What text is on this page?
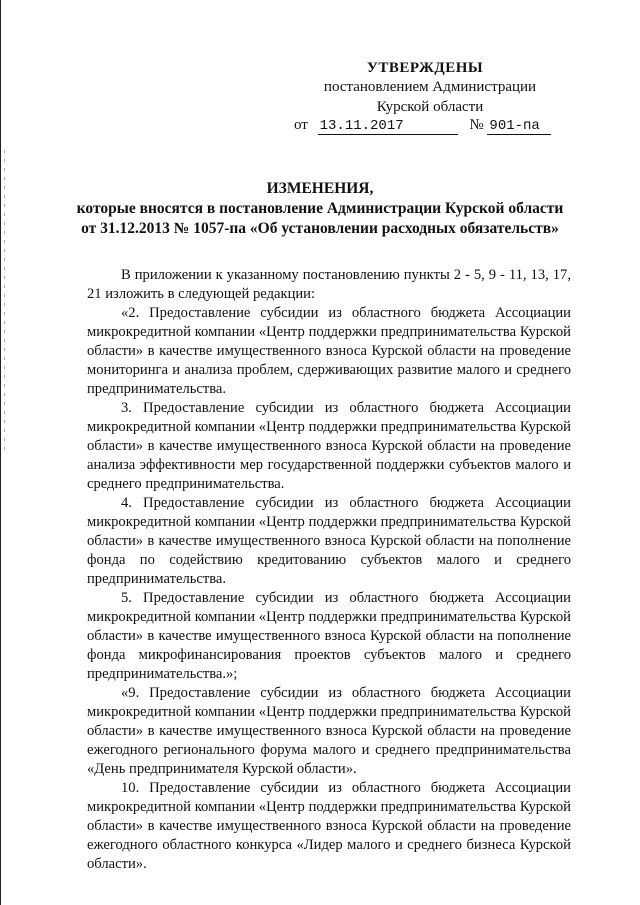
УТВЕРЖДЕНЫ
постановлением Администрации
Курской области
от 13.11.2017	№ 901-па
ИЗМЕНЕНИЯ,
которые вносятся в постановление Администрации Курской области
от 31.12.2013 № 1057-па «Об установлении расходных обязательств»

В приложении к указанному постановлению пункты 2 - 5, 9 - 11, 13, 17, 21 изложить в следующей редакции:

«2. Предоставление субсидии из областного бюджета Ассоциации микрокредитной компании «Центр поддержки предпринимательства Курской области» в качестве имущественного взноса Курской области на проведение мониторинга и анализа проблем, сдерживающих развитие малого и среднего предпринимательства.

3. Предоставление субсидии из областного бюджета Ассоциации микрокредитной компании «Центр поддержки предпринимательства Курской области» в качестве имущественного взноса Курской области на проведение анализа эффективности мер государственной поддержки субъектов малого и среднего предпринимательства.

4. Предоставление субсидии из областного бюджета Ассоциации микрокредитной компании «Центр поддержки предпринимательства Курской области» в качестве имущественного взноса Курской области на пополнение фонда по содействию кредитованию субъектов малого и среднего предпринимательства.

5. Предоставление субсидии из областного бюджета Ассоциации микрокредитной компании «Центр поддержки предпринимательства Курской области» в качестве имущественного взноса Курской области на пополнение фонда микрофинансирования проектов субъектов малого и среднего предпринимательства.»;

«9. Предоставление субсидии из областного бюджета Ассоциации микрокредитной компании «Центр поддержки предпринимательства Курской области» в качестве имущественного взноса Курской области на проведение ежегодного регионального форума малого и среднего предпринимательства «День предпринимателя Курской области».

10. Предоставление субсидии из областного бюджета Ассоциации микрокредитной компании «Центр поддержки предпринимательства Курской области» в качестве имущественного взноса Курской области на проведение ежегодного областного конкурса «Лидер малого и среднего бизнеса Курской области».
